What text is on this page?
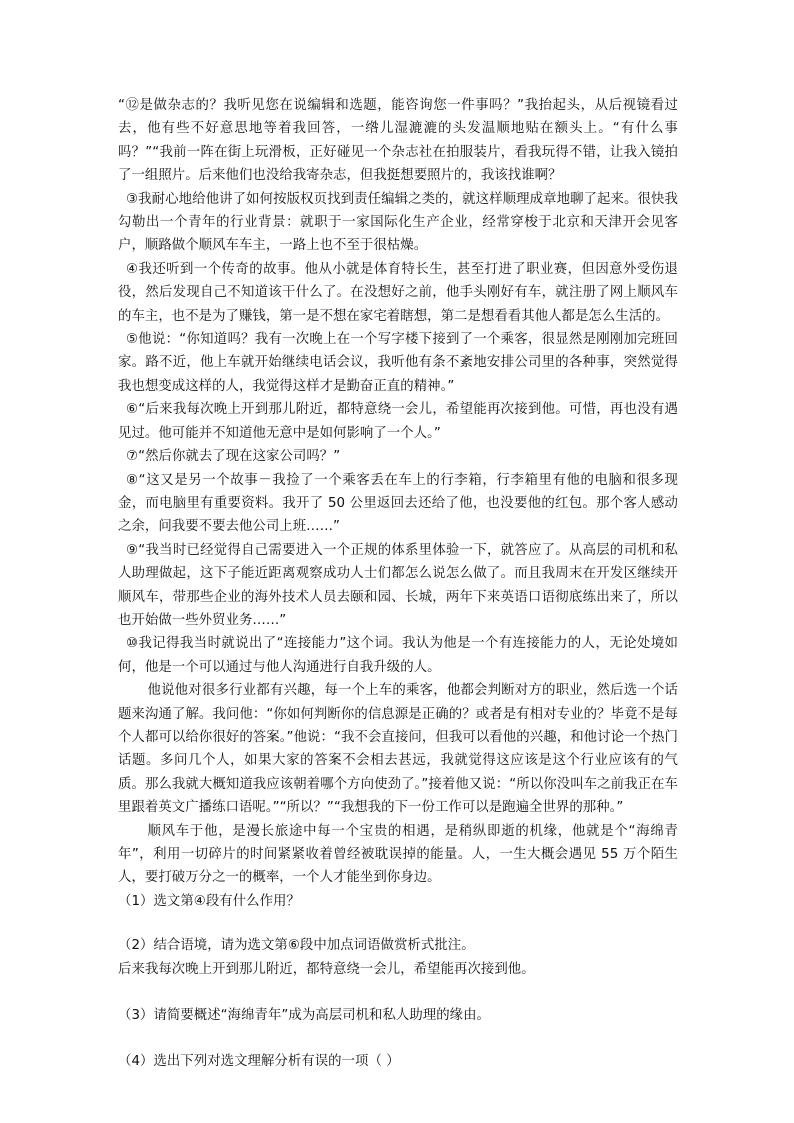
“⑫是做杂志的？我听见您在说编辑和选题，能咨询您一件事吗？”我抬起头，从后视镜看过去，他有些不好意思地等着我回答，一绺儿湿漉漉的头发温顺地贴在额头上。“有什么事吗？”“我前一阵在街上玩滑板，正好碰见一个杂志社在拍服装片，看我玩得不错，让我入镜拍了一组照片。后来他们也没给我寄杂志，但我挺想要照片的，我该找谁啊？

③我耐心地给他讲了如何按版权页找到责任编辑之类的，就这样顺理成章地聊了起来。很快我勾勒出一个青年的行业背景：就职于一家国际化生产企业，经常穿梭于北京和天津开会见客户，顺路做个顺风车车主，一路上也不至于很枯燥。

④我还听到一个传奇的故事。他从小就是体育特长生，甚至打进了职业赛，但因意外受伤退役，然后发现自己不知道该干什么了。在没想好之前，他手头刚好有车，就注册了网上顺风车的车主，也不是为了赚钱，第一是不想在家宅着瞎想，第二是想看看其他人都是怎么生活的。

⑤他说：“你知道吗？我有一次晚上在一个写字楼下接到了一个乘客，很显然是刚刚加完班回家。路不近，他上车就开始继续电话会议，我听他有条不紊地安排公司里的各种事，突然觉得我也想变成这样的人，我觉得这样才是勤奋正直的精神。”

⑥“后来我每次晚上开到那儿附近，都特意绕一会儿，希望能再次接到他。可惜，再也没有遇见过。他可能并不知道他无意中是如何影响了一个人。”

⑦“然后你就去了现在这家公司吗？”

⑧“这又是另一个故事－我捡了一个乘客丢在车上的行李箱，行李箱里有他的电脑和很多现金，而电脑里有重要资料。我开了 50 公里返回去还给了他，也没要他的红包。那个客人感动之余，问我要不要去他公司上班……”

⑨“我当时已经觉得自己需要进入一个正规的体系里体验一下，就答应了。从高层的司机和私人助理做起，这下子能近距离观察成功人士们都怎么说怎么做了。而且我周末在开发区继续开顺风车，带那些企业的海外技术人员去颐和园、长城，两年下来英语口语彻底练出来了，所以也开始做一些外贸业务……”

⑩我记得我当时就说出了“连接能力”这个词。我认为他是一个有连接能力的人，无论处境如何，他是一个可以通过与他人沟通进行自我升级的人。

他说他对很多行业都有兴趣，每一个上车的乘客，他都会判断对方的职业，然后选一个话题来沟通了解。我问他：“你如何判断你的信息源是正确的？或者是有相对专业的？毕竟不是每个人都可以给你很好的答案。”他说：“我不会直接问，但我可以看他的兴趣，和他讨论一个热门话题。多问几个人，如果大家的答案不会相去甚远，我就觉得这应该是这个行业应该有的气质。那么我就大概知道我应该朝着哪个方向使劲了。”接着他又说：“所以你没叫车之前我正在车里跟着英文广播练口语呢。”“所以？”“我想我的下一份工作可以是跑遍全世界的那种。”

顺风车于他，是漫长旅途中每一个宝贵的相遇，是稍纵即逝的机缘，他就是个“海绵青年”，利用一切碎片的时间紧紧收着曾经被耽误掉的能量。人，一生大概会遇见 55 万个陌生人，要打破万分之一的概率，一个人才能坐到你身边。

（1）选文第④段有什么作用？

（2）结合语境，请为选文第⑥段中加点词语做赏析式批注。

后来我每次晚上开到那儿附近，都特意绕一会儿，希望能再次接到他。

（3）请简要概述“海绵青年”成为高层司机和私人助理的缘由。

（4）选出下列对选文理解分析有误的一项（ ）
